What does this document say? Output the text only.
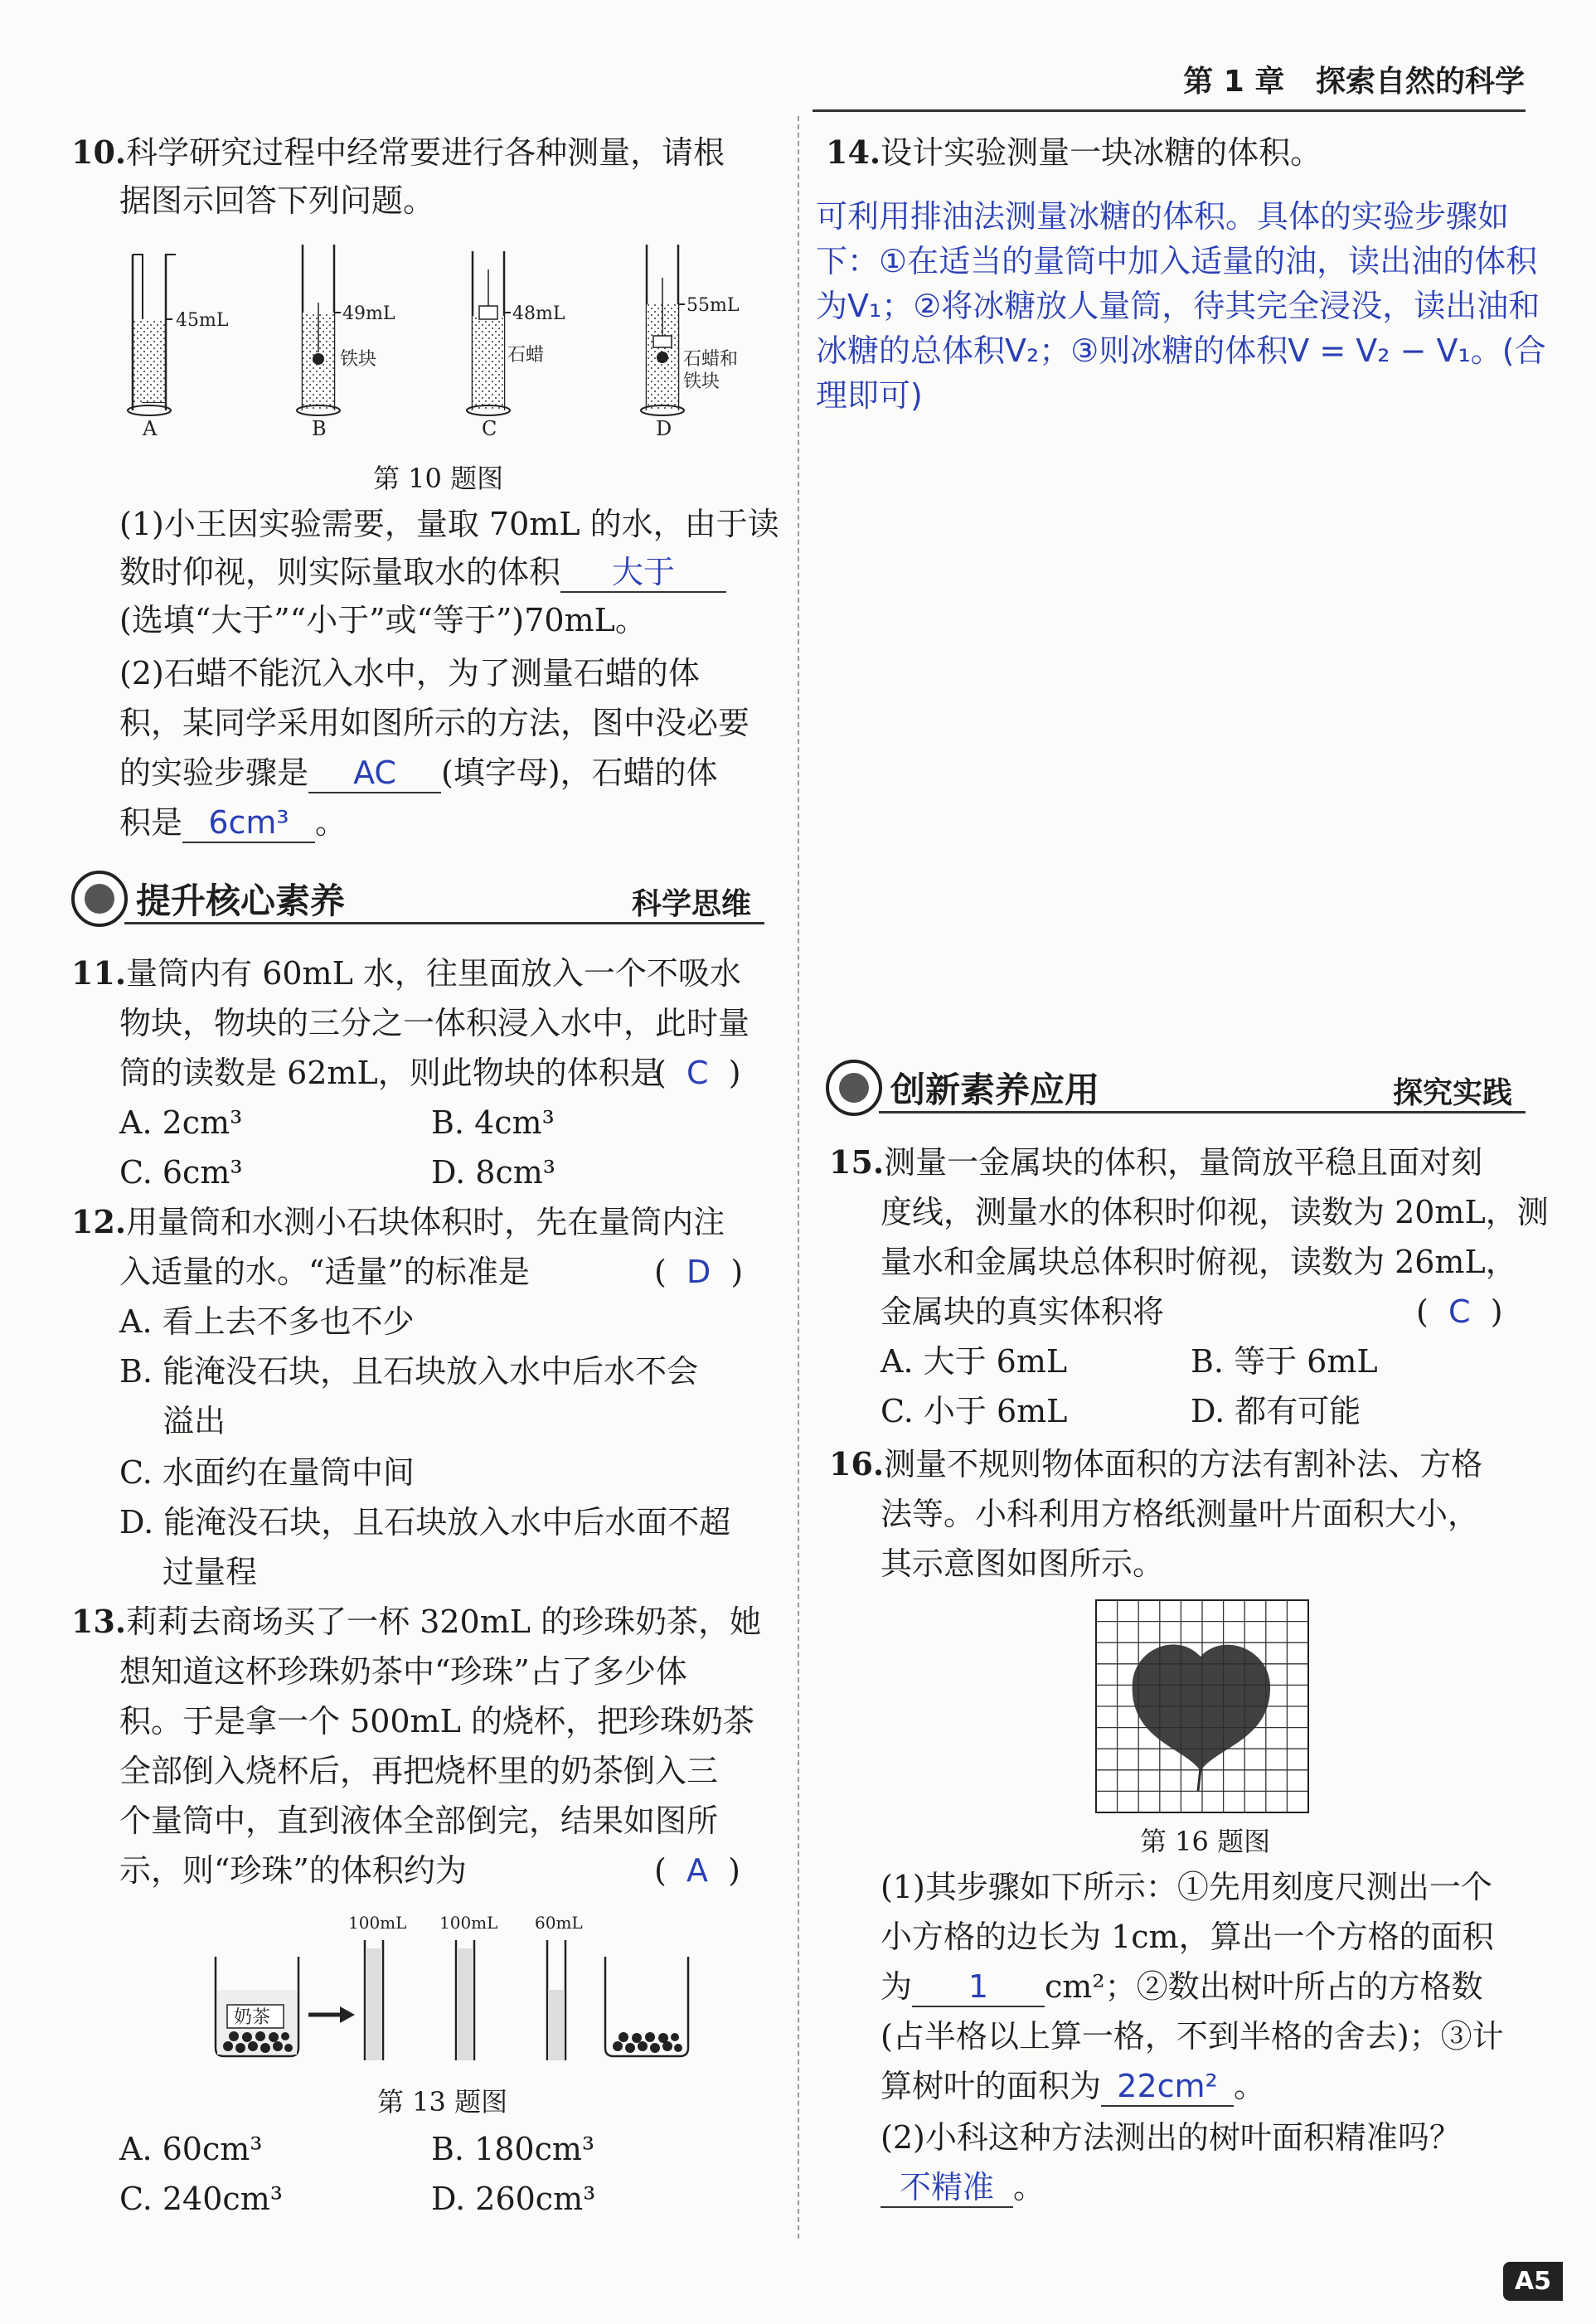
第 1 章 探索自然的科学
10.科学研究过程中经常要进行各种测量，请根
据图示回答下列问题。
45mL
A
49mL
铁块
B
48mL
石蜡
C
55mL
石蜡和
铁块
D
第 10 题图
(1)小王因实验需要，量取 70mL 的水，由于读
数时仰视，则实际量取水的体积 大于
(选填“大于”“小于”或“等于”)70mL。
(2)石蜡不能沉入水中，为了测量石蜡的体
积，某同学采用如图所示的方法，图中没必要
的实验步骤是 AC (填字母)，石蜡的体
积是 6cm³ 。
提升核心素养	科学思维
11.量筒内有 60mL 水，往里面放入一个不吸水
物块，物块的三分之一体积浸入水中，此时量
筒的读数是 62mL，则此物块的体积是
(  C  )
A. 2cm³	B. 4cm³
C. 6cm³	D. 8cm³
12.用量筒和水测小石块体积时，先在量筒内注
入适量的水。“适量”的标准是	(  D  )
A. 看上去不多也不少
B. 能淹没石块，且石块放入水中后水不会
溢出
C. 水面约在量筒中间
D. 能淹没石块，且石块放入水中后水面不超
过量程
13.莉莉去商场买了一杯 320mL 的珍珠奶茶，她
想知道这杯珍珠奶茶中“珍珠”占了多少体
积。于是拿一个 500mL 的烧杯，把珍珠奶茶
全部倒入烧杯后，再把烧杯里的奶茶倒入三
个量筒中，直到液体全部倒完，结果如图所
示，则“珍珠”的体积约为	(  A  )
奶茶
100mL 100mL 60mL
第 13 题图
A. 60cm³	B. 180cm³
C. 240cm³	D. 260cm³
14.设计实验测量一块冰糖的体积。
可利用排油法测量冰糖的体积。具体的实验步骤如
下：①在适当的量筒中加入适量的油，读出油的体积
为V₁；②将冰糖放人量筒，待其完全浸没，读出油和
冰糖的总体积V₂；③则冰糖的体积V = V₂ − V₁。(合
理即可)
创新素养应用	探究实践
15.测量一金属块的体积，量筒放平稳且面对刻
度线，测量水的体积时仰视，读数为 20mL，测
量水和金属块总体积时俯视，读数为 26mL，
金属块的真实体积将	(  C  )
A. 大于 6mL	B. 等于 6mL
C. 小于 6mL	D. 都有可能
16.测量不规则物体面积的方法有割补法、方格
法等。小科利用方格纸测量叶片面积大小，
其示意图如图所示。
第 16 题图
(1)其步骤如下所示：①先用刻度尺测出一个
小方格的边长为 1cm，算出一个方格的面积
为 1 cm²；②数出树叶所占的方格数
(占半格以上算一格，不到半格的舍去)；③计
算树叶的面积为 22cm² 。
(2)小科这种方法测出的树叶面积精准吗？
不精准 。
A5
